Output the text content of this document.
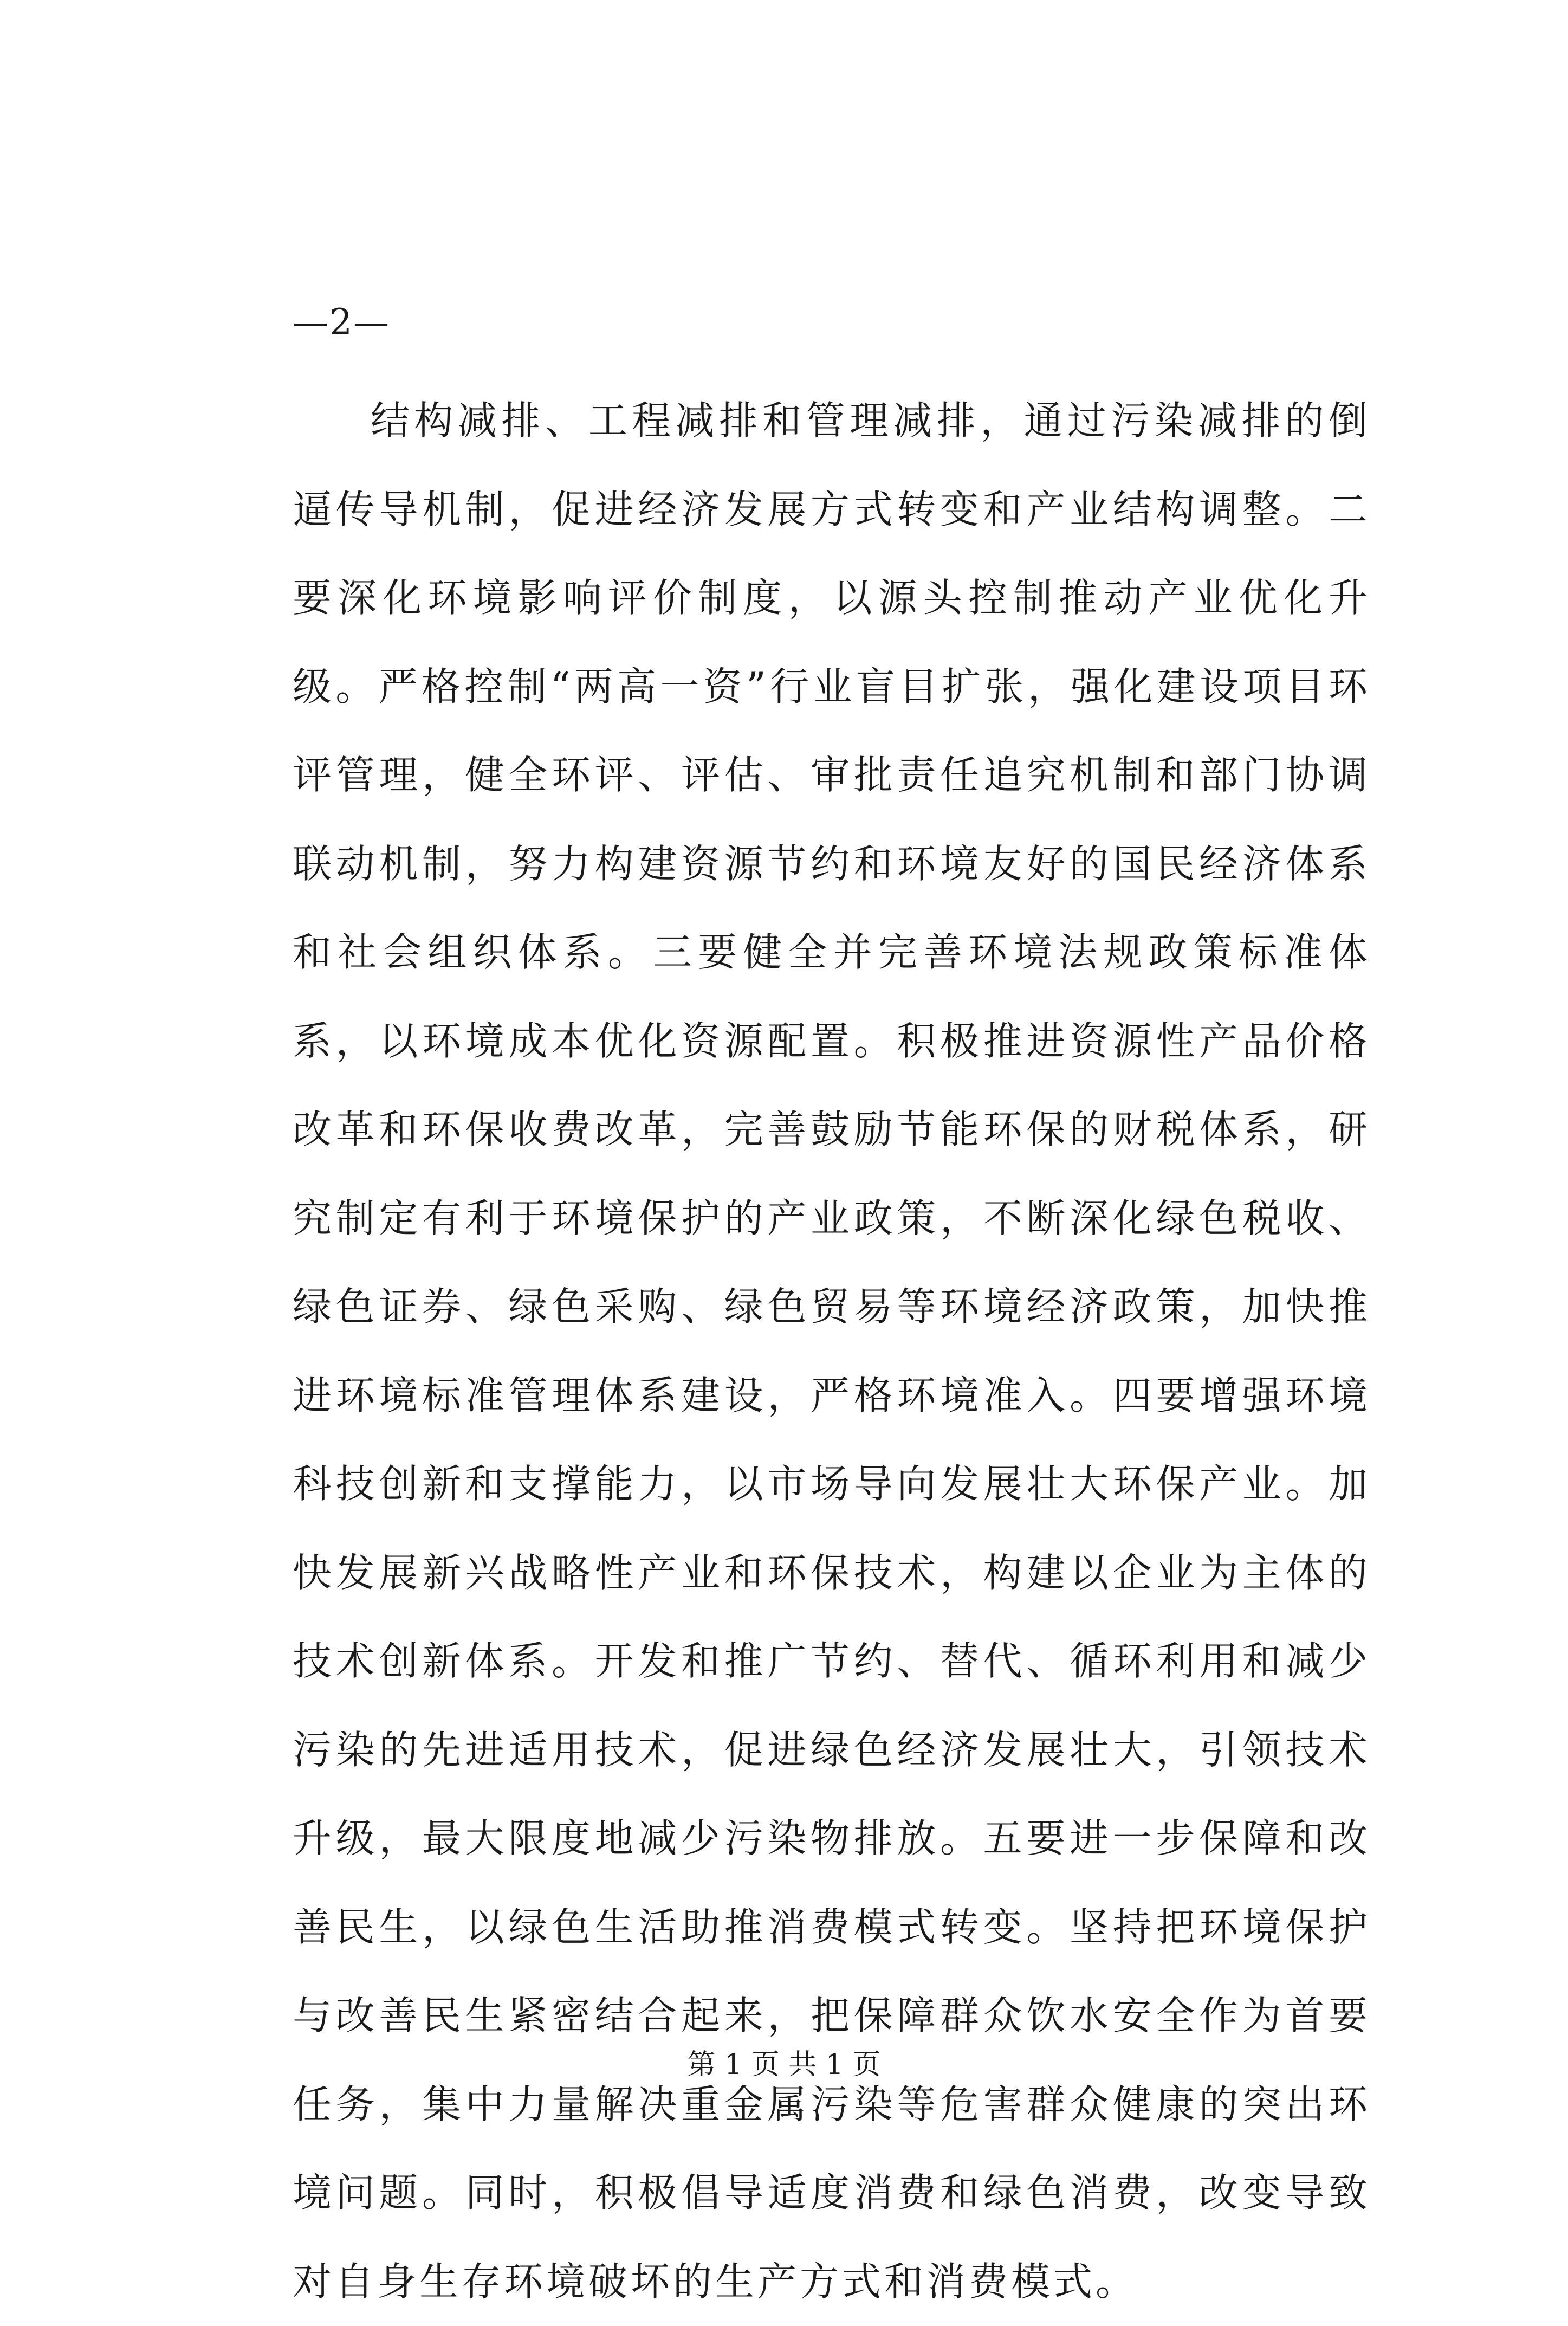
—2—

结构减排、工程减排和管理减排，通过污染减排的倒逼传导机制，促进经济发展方式转变和产业结构调整。二要深化环境影响评价制度，以源头控制推动产业优化升级。严格控制“两高一资”行业盲目扩张，强化建设项目环评管理，健全环评、评估、审批责任追究机制和部门协调联动机制，努力构建资源节约和环境友好的国民经济体系和社会组织体系。三要健全并完善环境法规政策标准体系，以环境成本优化资源配置。积极推进资源性产品价格改革和环保收费改革，完善鼓励节能环保的财税体系，研究制定有利于环境保护的产业政策，不断深化绿色税收、绿色证券、绿色采购、绿色贸易等环境经济政策，加快推进环境标准管理体系建设，严格环境准入。四要增强环境科技创新和支撑能力，以市场导向发展壮大环保产业。加快发展新兴战略性产业和环保技术，构建以企业为主体的技术创新体系。开发和推广节约、替代、循环利用和减少污染的先进适用技术，促进绿色经济发展壮大，引领技术升级，最大限度地减少污染物排放。五要进一步保障和改善民生，以绿色生活助推消费模式转变。坚持把环境保护与改善民生紧密结合起来，把保障群众饮水安全作为首要任务，集中力量解决重金属污染等危害群众健康的突出环境问题。同时，积极倡导适度消费和绿色消费，改变导致对自身生存环境破坏的生产方式和消费模式。

第 1 页 共 1 页
